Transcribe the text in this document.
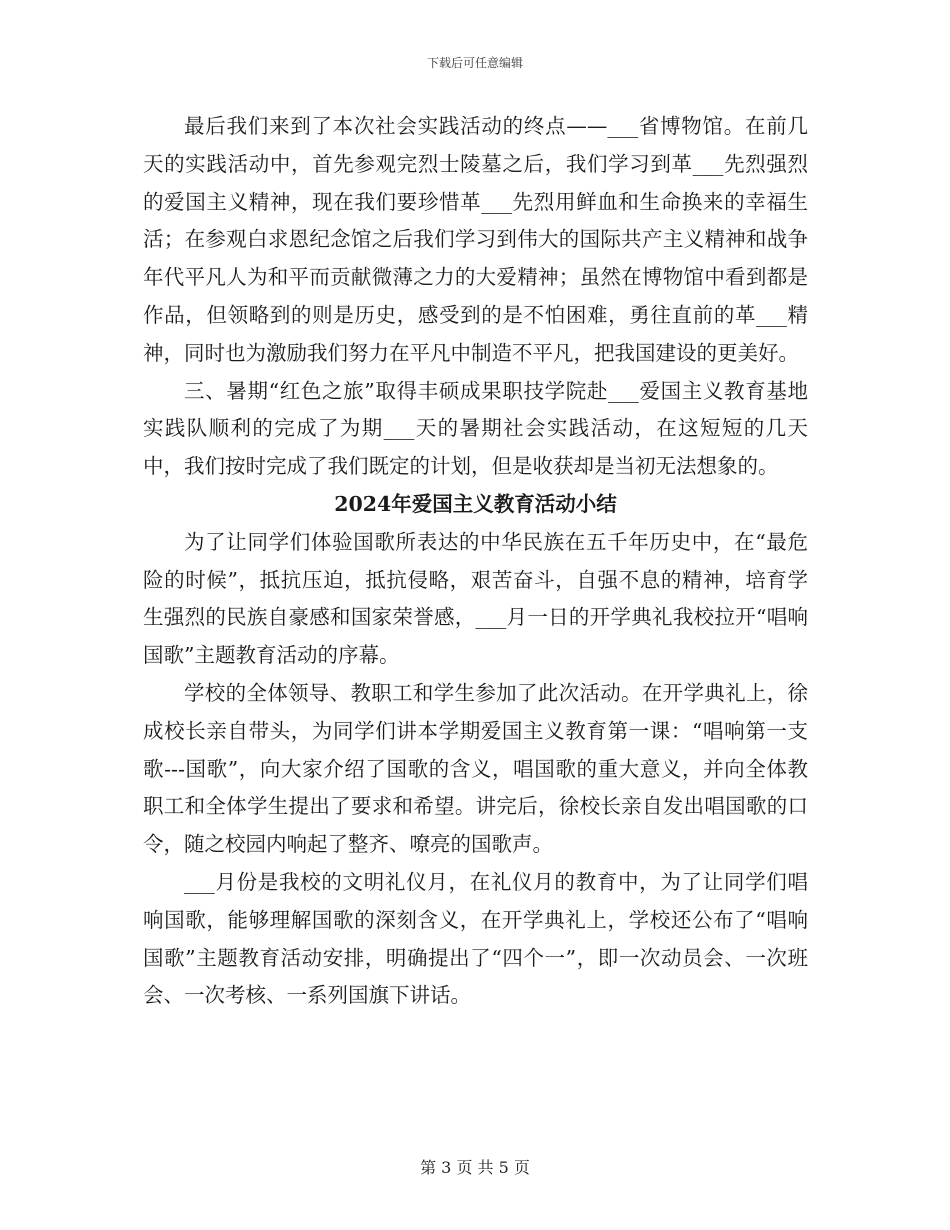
下载后可任意编辑

最后我们来到了本次社会实践活动的终点——___省博物馆。在前几天的实践活动中，首先参观完烈士陵墓之后，我们学习到革___先烈强烈的爱国主义精神，现在我们要珍惜革___先烈用鲜血和生命换来的幸福生活；在参观白求恩纪念馆之后我们学习到伟大的国际共产主义精神和战争年代平凡人为和平而贡献微薄之力的大爱精神；虽然在博物馆中看到都是作品，但领略到的则是历史，感受到的是不怕困难，勇往直前的革___精神，同时也为激励我们努力在平凡中制造不平凡，把我国建设的更美好。

三、暑期“红色之旅”取得丰硕成果职技学院赴___爱国主义教育基地实践队顺利的完成了为期___天的暑期社会实践活动，在这短短的几天中，我们按时完成了我们既定的计划，但是收获却是当初无法想象的。

2024年爱国主义教育活动小结

为了让同学们体验国歌所表达的中华民族在五千年历史中，在“最危险的时候”，抵抗压迫，抵抗侵略，艰苦奋斗，自强不息的精神，培育学生强烈的民族自豪感和国家荣誉感，___月一日的开学典礼我校拉开“唱响国歌”主题教育活动的序幕。

学校的全体领导、教职工和学生参加了此次活动。在开学典礼上，徐成校长亲自带头，为同学们讲本学期爱国主义教育第一课：“唱响第一支歌---国歌”，向大家介绍了国歌的含义，唱国歌的重大意义，并向全体教职工和全体学生提出了要求和希望。讲完后，徐校长亲自发出唱国歌的口令，随之校园内响起了整齐、嘹亮的国歌声。

___月份是我校的文明礼仪月，在礼仪月的教育中，为了让同学们唱响国歌，能够理解国歌的深刻含义，在开学典礼上，学校还公布了“唱响国歌”主题教育活动安排，明确提出了“四个一”，即一次动员会、一次班会、一次考核、一系列国旗下讲话。

第 3 页 共 5 页
